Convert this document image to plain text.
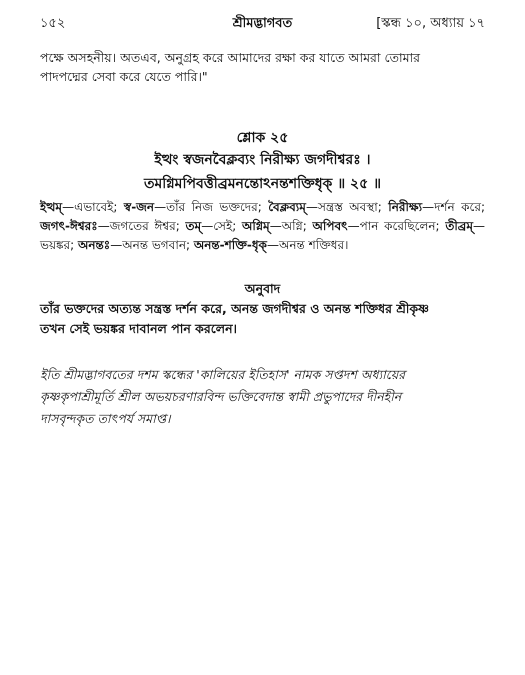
১৫২	শ্রীমদ্ভাগবত	[স্কন্ধ ১০, অধ্যায় ১৭
পক্ষে অসহনীয়। অতএব, অনুগ্রহ করে আমাদের রক্ষা কর যাতে আমরা তোমার
পাদপদ্মের সেবা করে যেতে পারি।"
শ্লোক ২৫
ইত্থং স্বজনবৈক্লব্যং নিরীক্ষ্য জগদীশ্বরঃ ।
তমগ্নিমপিবত্তীব্রমনন্তোঽনন্তশক্তিধৃক্ ॥ ২৫ ॥
ইত্থম্—এভাবেই; স্ব-জন—তাঁর নিজ ভক্তদের; বৈক্লব্যম্—সন্ত্রস্ত অবস্থা; নিরীক্ষ্য—দর্শন করে; জগৎ-ঈশ্বরঃ—জগতের ঈশ্বর; তম্—সেই; অগ্নিম্—অগ্নি; অপিবৎ—পান করেছিলেন; তীব্রম্—ভয়ঙ্কর; অনন্তঃ—অনন্ত ভগবান; অনন্ত-শক্তি-ধৃক্—অনন্ত শক্তিধর।
অনুবাদ
তাঁর ভক্তদের অত্যন্ত সন্ত্রস্ত দর্শন করে, অনন্ত জগদীশ্বর ও অনন্ত শক্তিধর শ্রীকৃষ্ণ
তখন সেই ভয়ঙ্কর দাবানল পান করলেন।
ইতি শ্রীমদ্ভাগবতের দশম স্কন্ধের 'কালিয়ের ইতিহাস' নামক সপ্তদশ অধ্যায়ের
কৃষ্ণকৃপাশ্রীমূর্তি শ্রীল অভয়চরণারবিন্দ ভক্তিবেদান্ত স্বামী প্রভুপাদের দীনহীন
দাসবৃন্দকৃত তাৎপর্য সমাপ্ত।
